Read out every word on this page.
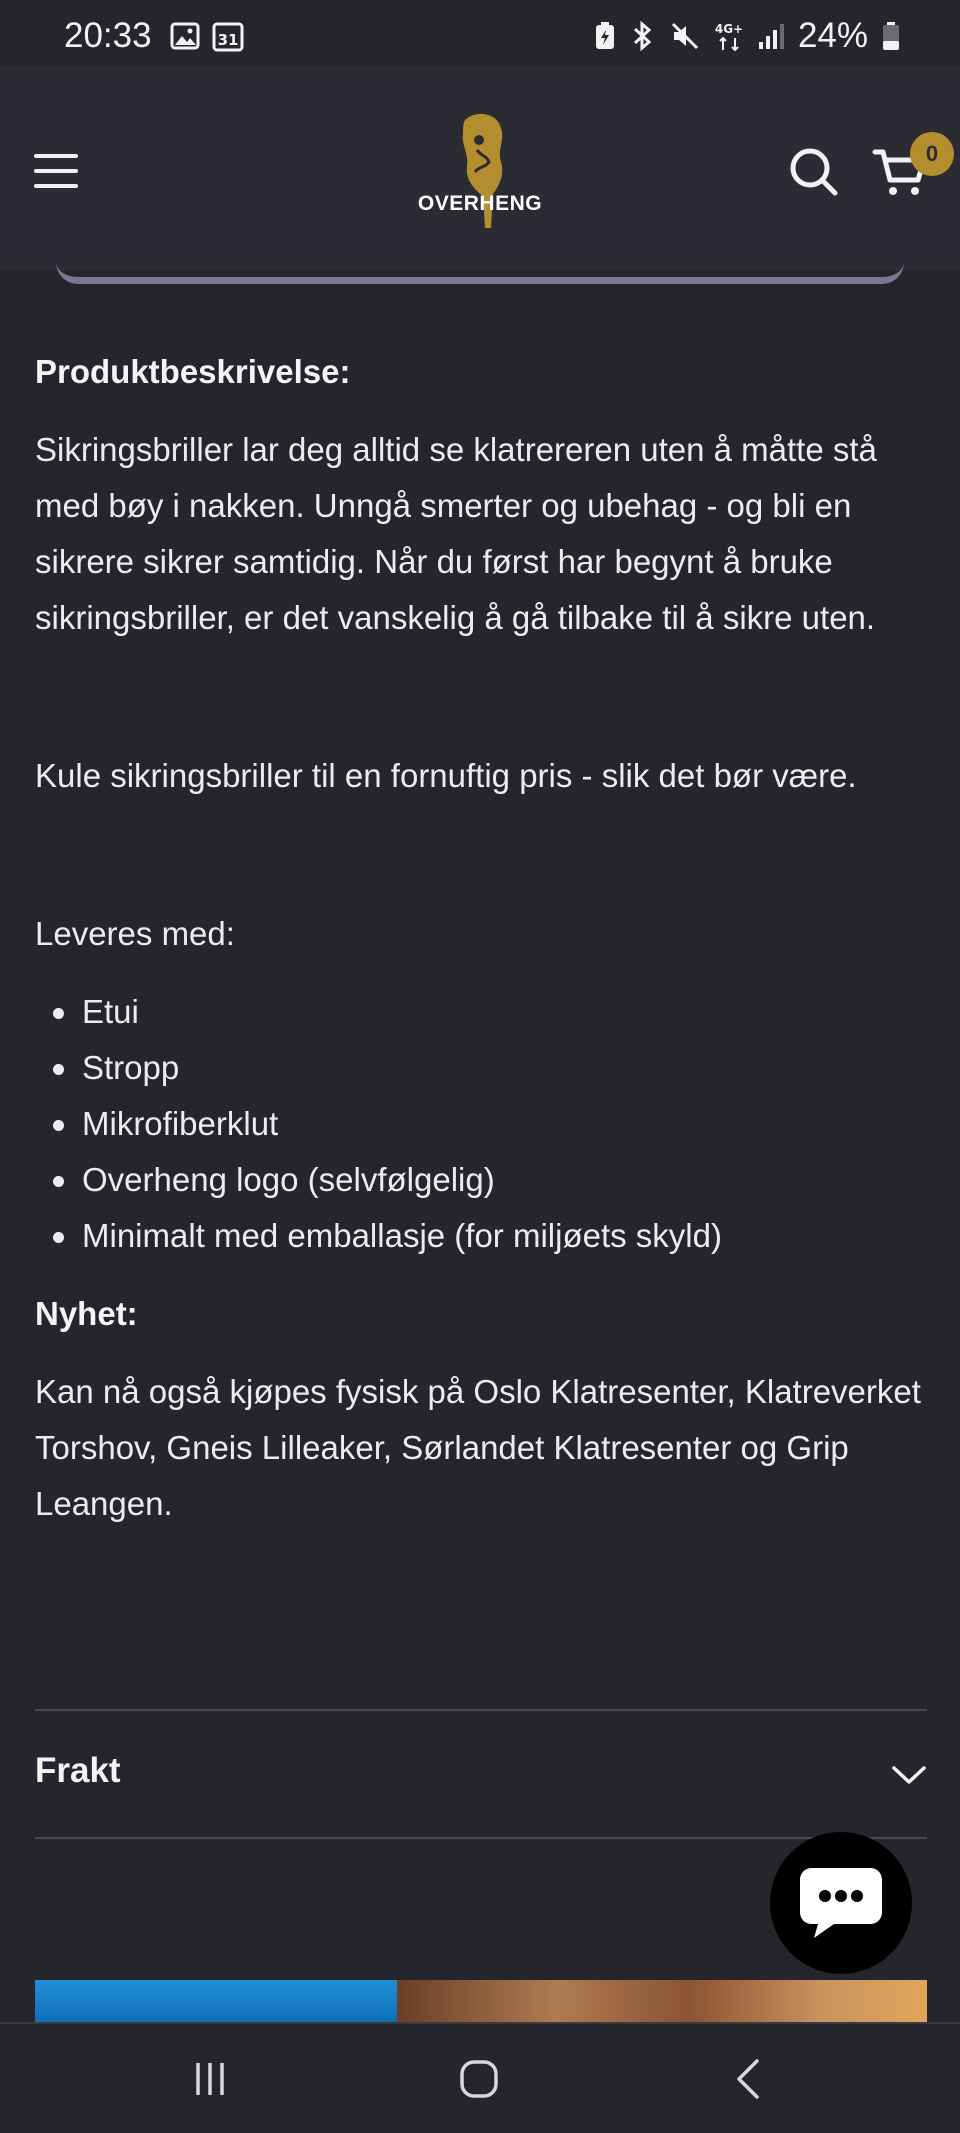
20:33	31
4G+ 24%
OVERHENG
0
Produktbeskrivelse:
Sikringsbriller lar deg alltid se klatrereren uten å måtte stå med bøy i nakken. Unngå smerter og ubehag - og bli en sikrere sikrer samtidig. Når du først har begynt å bruke sikringsbriller, er det vanskelig å gå tilbake til å sikre uten.
Kule sikringsbriller til en fornuftig pris - slik det bør være.
Leveres med:
Etui
Stropp
Mikrofiberklut
Overheng logo (selvfølgelig)
Minimalt med emballasje (for miljøets skyld)
Nyhet:
Kan nå også kjøpes fysisk på Oslo Klatresenter, Klatreverket Torshov, Gneis Lilleaker, Sørlandet Klatresenter og Grip Leangen.
Frakt
